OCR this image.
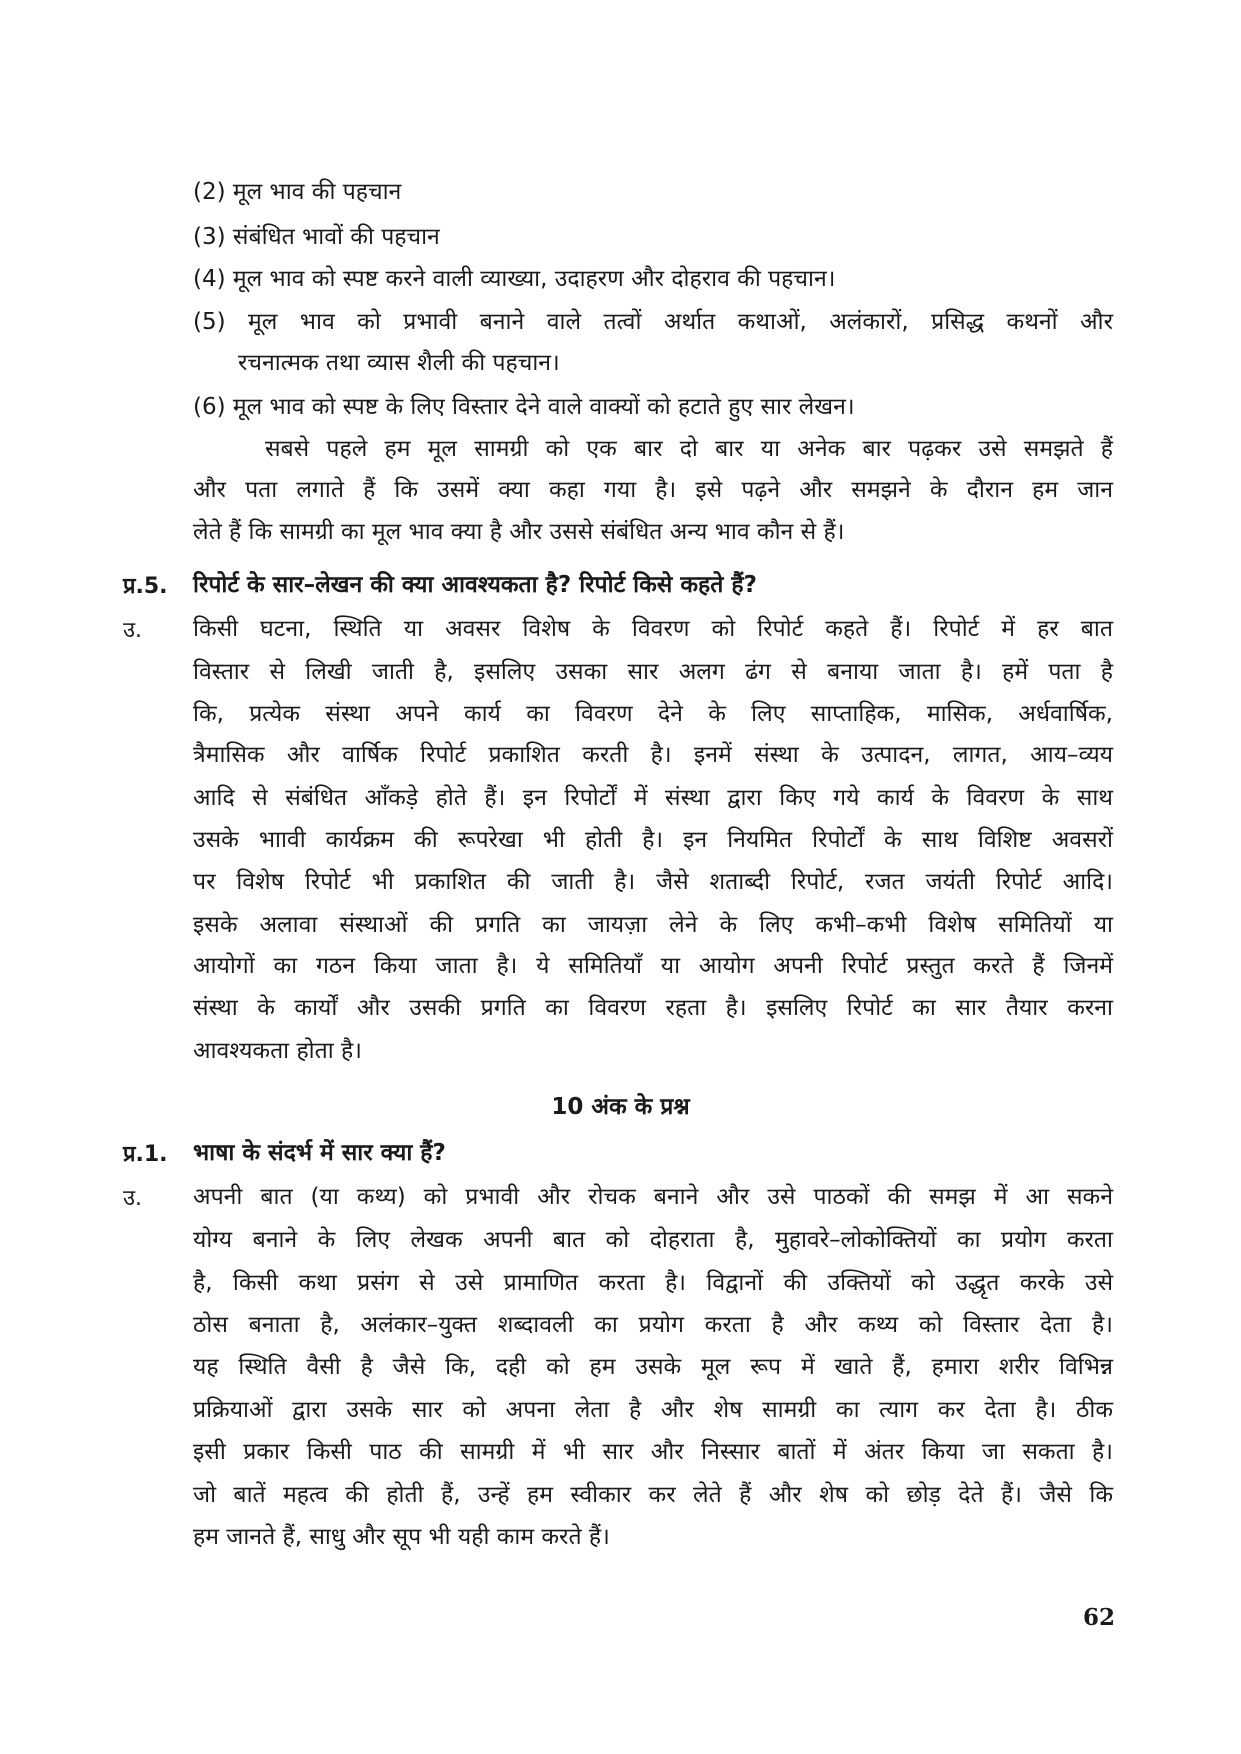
(2) मूल भाव की पहचान
(3) संबंधित भावों की पहचान
(4) मूल भाव को स्पष्ट करने वाली व्याख्या, उदाहरण और दोहराव की पहचान।
(5) मूल भाव को प्रभावी बनाने वाले तत्वों अर्थात कथाओं, अलंकारों, प्रसिद्ध कथनों और
रचनात्मक तथा व्यास शैली की पहचान।
(6) मूल भाव को स्पष्ट के लिए विस्तार देने वाले वाक्यों को हटाते हुए सार लेखन।
सबसे पहले हम मूल सामग्री को एक बार दो बार या अनेक बार पढ़कर उसे समझते हैं
और पता लगाते हैं कि उसमें क्या कहा गया है। इसे पढ़ने और समझने के दौरान हम जान
लेते हैं कि सामग्री का मूल भाव क्या है और उससे संबंधित अन्य भाव कौन से हैं।
प्र.5. रिपोर्ट के सार–लेखन की क्या आवश्यकता है? रिपोर्ट किसे कहते हैं?
उ. किसी घटना, स्थिति या अवसर विशेष के विवरण को रिपोर्ट कहते हैं। रिपोर्ट में हर बात
विस्तार से लिखी जाती है, इसलिए उसका सार अलग ढंग से बनाया जाता है। हमें पता है
कि, प्रत्येक संस्था अपने कार्य का विवरण देने के लिए साप्ताहिक, मासिक, अर्धवार्षिक,
त्रैमासिक और वार्षिक रिपोर्ट प्रकाशित करती है। इनमें संस्था के उत्पादन, लागत, आय–व्यय
आदि से संबंधित आँकड़े होते हैं। इन रिपोर्टों में संस्था द्वारा किए गये कार्य के विवरण के साथ
उसके भाावी कार्यक्रम की रूपरेखा भी होती है। इन नियमित रिपोर्टों के साथ विशिष्ट अवसरों
पर विशेष रिपोर्ट भी प्रकाशित की जाती है। जैसे शताब्दी रिपोर्ट, रजत जयंती रिपोर्ट आदि।
इसके अलावा संस्थाओं की प्रगति का जायज़ा लेने के लिए कभी–कभी विशेष समितियों या
आयोगों का गठन किया जाता है। ये समितियाँ या आयोग अपनी रिपोर्ट प्रस्तुत करते हैं जिनमें
संस्था के कार्यों और उसकी प्रगति का विवरण रहता है। इसलिए रिपोर्ट का सार तैयार करना
आवश्यकता होता है।
10 अंक के प्रश्न
प्र.1. भाषा के संदर्भ में सार क्या हैं?
उ. अपनी बात (या कथ्य) को प्रभावी और रोचक बनाने और उसे पाठकों की समझ में आ सकने
योग्य बनाने के लिए लेखक अपनी बात को दोहराता है, मुहावरे–लोकोक्तियों का प्रयोग करता
है, किसी कथा प्रसंग से उसे प्रामाणित करता है। विद्वानों की उक्तियों को उद्धृत करके उसे
ठोस बनाता है, अलंकार–युक्त शब्दावली का प्रयोग करता है और कथ्य को विस्तार देता है।
यह स्थिति वैसी है जैसे कि, दही को हम उसके मूल रूप में खाते हैं, हमारा शरीर विभिन्न
प्रक्रियाओं द्वारा उसके सार को अपना लेता है और शेष सामग्री का त्याग कर देता है। ठीक
इसी प्रकार किसी पाठ की सामग्री में भी सार और निस्सार बातों में अंतर किया जा सकता है।
जो बातें महत्व की होती हैं, उन्हें हम स्वीकार कर लेते हैं और शेष को छोड़ देते हैं। जैसे कि
हम जानते हैं, साधु और सूप भी यही काम करते हैं।
62
